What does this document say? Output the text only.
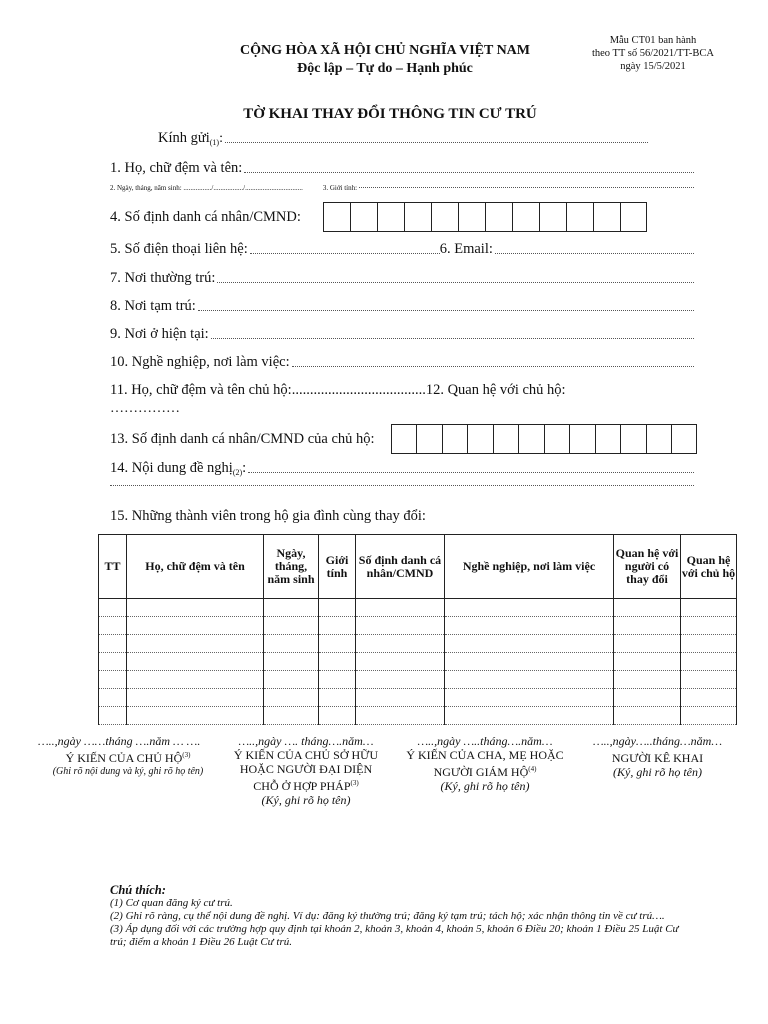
CỘNG HÒA XÃ HỘI CHỦ NGHĨA VIỆT NAM
Độc lập – Tự do – Hạnh phúc
Mẫu CT01 ban hành
theo TT số 56/2021/TT-BCA
ngày 15/5/2021
TỜ KHAI THAY ĐỔI THÔNG TIN CƯ TRÚ
Kính gửi$_{(1)}$ :
1. Họ, chữ đệm và tên:
2. Ngày, tháng, năm sinh: ................/................./.................................	3. Giới tính:
4. Số định danh cá nhân/CMND:
5. Số điện thoại liên hệ:	6. Email:
7. Nơi thường trú:
8. Nơi tạm trú:
9. Nơi ở hiện tại:
10. Nghề nghiệp, nơi làm việc:
11. Họ, chữ đệm và tên chủ hộ: ..................................... 12. Quan hệ với chủ hộ:
……………
13. Số định danh cá nhân/CMND của chủ hộ:
14. Nội dung đề nghị$_{(2)}$ :
15. Những thành viên trong hộ gia đình cùng thay đổi:
TT	Họ, chữ đệm và tên	Ngày, tháng, năm sinh	Giới tính	Số định danh cá nhân/CMND	Nghề nghiệp, nơi làm việc	Quan hệ với người có thay đổi	Quan hệ với chủ hộ

…..,ngày ……tháng ….năm … ….
Ý KIẾN CỦA CHỦ HỘ$^{(3)}$
(Ghi rõ nội dung và ký, ghi rõ họ tên)
…..,ngày …. tháng….năm…
Ý KIẾN CỦA CHỦ SỞ HỮU HOẶC NGƯỜI ĐẠI DIỆN CHỖ Ở HỢP PHÁP$^{(3)}$
(Ký, ghi rõ họ tên)
…..,ngày …..tháng….năm…
Ý KIẾN CỦA CHA, MẸ HOẶC NGƯỜI GIÁM HỘ$^{(4)}$
(Ký, ghi rõ họ tên)
…..,ngày…..tháng…năm…
NGƯỜI KÊ KHAI
(Ký, ghi rõ họ tên)
Chú thích:
(1) Cơ quan đăng ký cư trú.
(2) Ghi rõ ràng, cụ thể nội dung đề nghị. Ví dụ: đăng ký thường trú; đăng ký tạm trú; tách hộ; xác nhận thông tin về cư trú….
(3) Áp dụng đối với các trường hợp quy định tại khoản 2, khoản 3, khoản 4, khoản 5, khoản 6 Điều 20; khoản 1 Điều 25 Luật Cư trú; điểm a khoản 1 Điều 26 Luật Cư trú.
